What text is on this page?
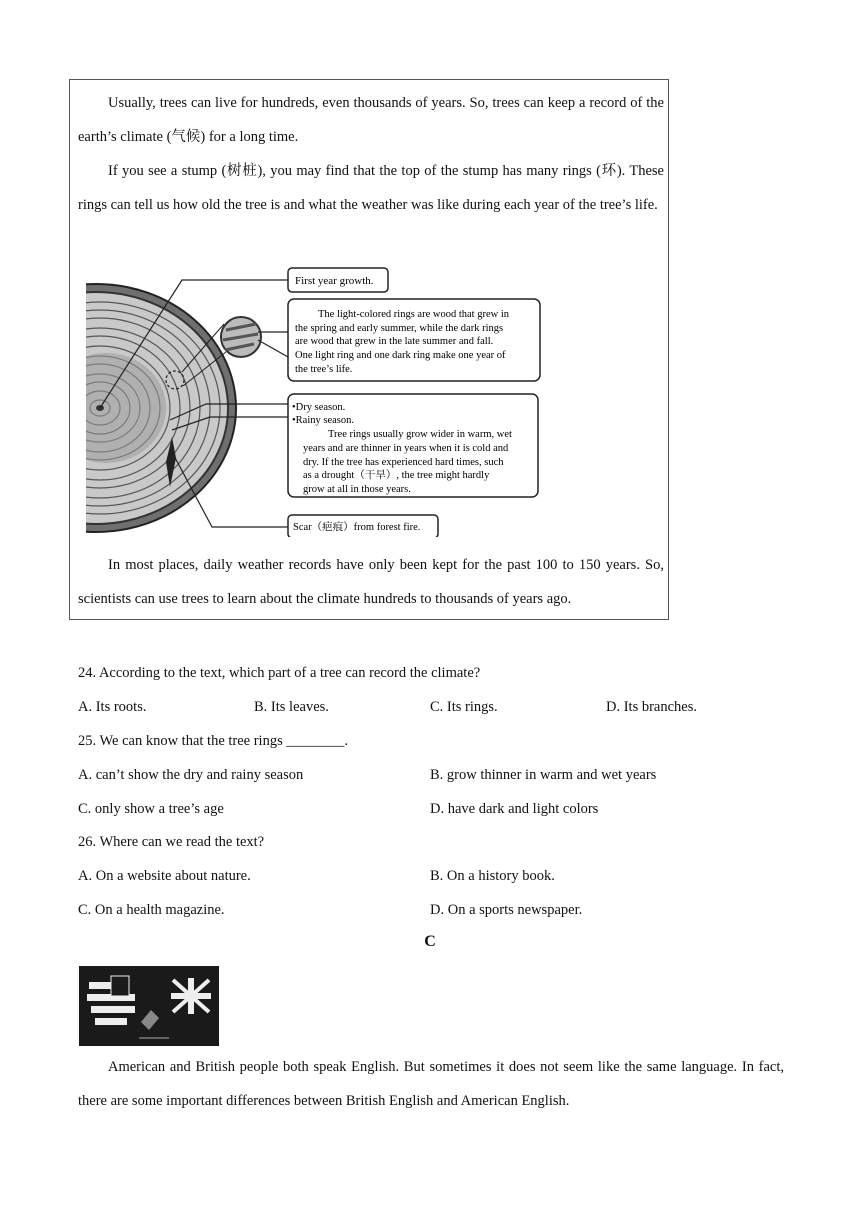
Usually, trees can live for hundreds, even thousands of years. So, trees can keep a record of the earth’s climate (气候) for a long time.

If you see a stump (树桩), you may find that the top of the stump has many rings (环). These rings can tell us how old the tree is and what the weather was like during each year of the tree’s life.

First year growth.
The light-colored rings are wood that grew in
the spring and early summer, while the dark rings
are wood that grew in the late summer and fall.
One light ring and one dark ring make one year of
the tree’s life.
•Dry season.
•Rainy season.
Tree rings usually grow wider in warm, wet
years and are thinner in years when it is cold and
dry. If the tree has experienced hard times, such
as a drought（干旱）, the tree might hardly
grow at all in those years.
Scar（疤痕）from forest fire.

In most places, daily weather records have only been kept for the past 100 to 150 years. So, scientists can use trees to learn about the climate hundreds to thousands of years ago.

24. According to the text, which part of a tree can record the climate?

A. Its roots.	B. Its leaves.	C. Its rings.	D. Its branches.

25. We can know that the tree rings ________.

A. can’t show the dry and rainy season	B. grow thinner in warm and wet years

C. only show a tree’s age	D. have dark and light colors

26. Where can we read the text?

A. On a website about nature.	B. On a history book.

C. On a health magazine.	D. On a sports newspaper.

C

American and British people both speak English. But sometimes it does not seem like the same language. In fact, there are some important differences between British English and American English.
